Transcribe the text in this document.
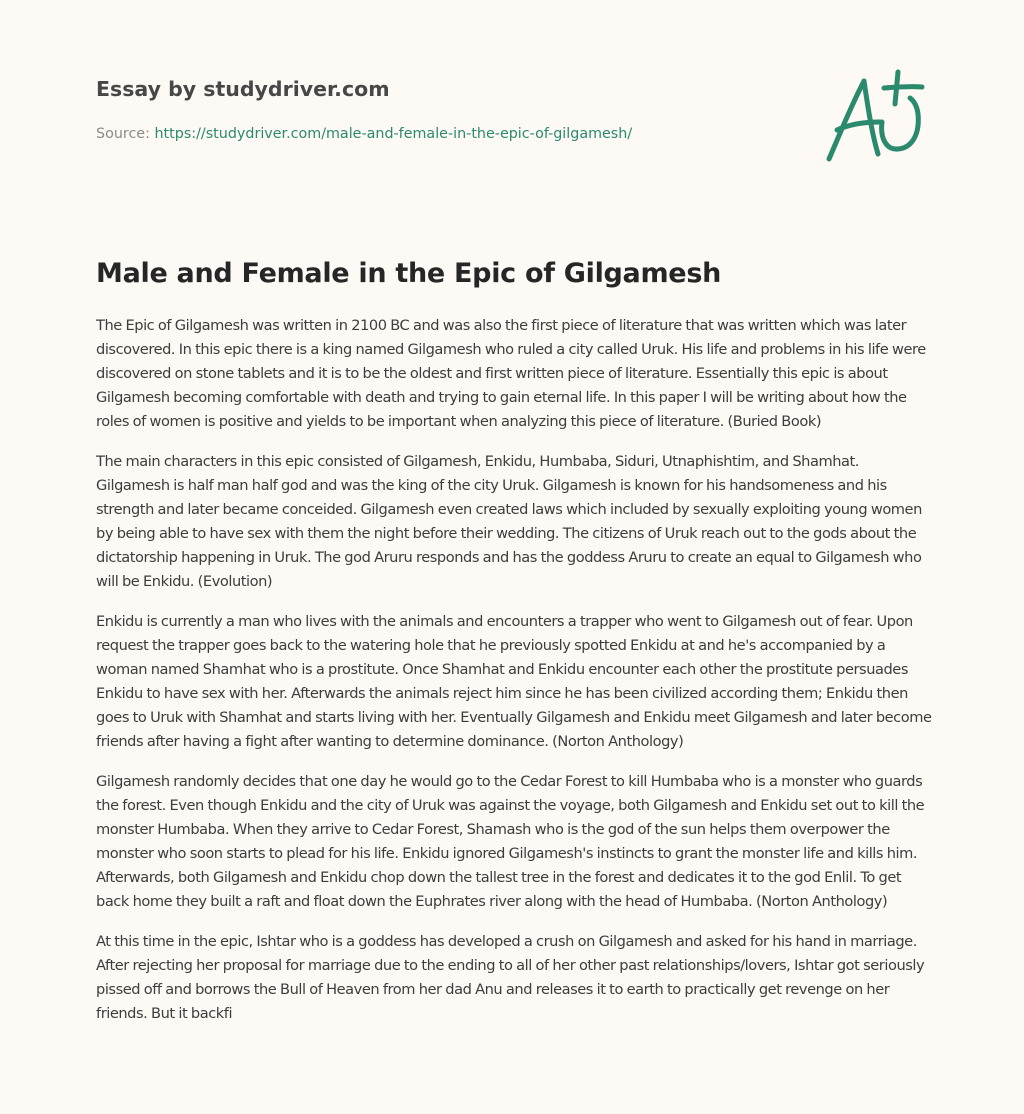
Essay by studydriver.com
Source: https://studydriver.com/male-and-female-in-the-epic-of-gilgamesh/
Male and Female in the Epic of Gilgamesh

The Epic of Gilgamesh was written in 2100 BC and was also the first piece of literature that was written which was later discovered. In this epic there is a king named Gilgamesh who ruled a city called Uruk. His life and problems in his life were discovered on stone tablets and it is to be the oldest and first written piece of literature. Essentially this epic is about Gilgamesh becoming comfortable with death and trying to gain eternal life. In this paper I will be writing about how the roles of women is positive and yields to be important when analyzing this piece of literature. (Buried Book)

The main characters in this epic consisted of Gilgamesh, Enkidu, Humbaba, Siduri, Utnaphishtim, and Shamhat. Gilgamesh is half man half god and was the king of the city Uruk. Gilgamesh is known for his handsomeness and his strength and later became conceided. Gilgamesh even created laws which included by sexually exploiting young women by being able to have sex with them the night before their wedding. The citizens of Uruk reach out to the gods about the dictatorship happening in Uruk. The god Aruru responds and has the goddess Aruru to create an equal to Gilgamesh who will be Enkidu. (Evolution)

Enkidu is currently a man who lives with the animals and encounters a trapper who went to Gilgamesh out of fear. Upon request the trapper goes back to the watering hole that he previously spotted Enkidu at and he's accompanied by a woman named Shamhat who is a prostitute. Once Shamhat and Enkidu encounter each other the prostitute persuades Enkidu to have sex with her. Afterwards the animals reject him since he has been civilized according them; Enkidu then goes to Uruk with Shamhat and starts living with her. Eventually Gilgamesh and Enkidu meet Gilgamesh and later become friends after having a fight after wanting to determine dominance. (Norton Anthology)

Gilgamesh randomly decides that one day he would go to the Cedar Forest to kill Humbaba who is a monster who guards the forest. Even though Enkidu and the city of Uruk was against the voyage, both Gilgamesh and Enkidu set out to kill the monster Humbaba. When they arrive to Cedar Forest, Shamash who is the god of the sun helps them overpower the monster who soon starts to plead for his life. Enkidu ignored Gilgamesh's instincts to grant the monster life and kills him. Afterwards, both Gilgamesh and Enkidu chop down the tallest tree in the forest and dedicates it to the god Enlil. To get back home they built a raft and float down the Euphrates river along with the head of Humbaba. (Norton Anthology)

At this time in the epic, Ishtar who is a goddess has developed a crush on Gilgamesh and asked for his hand in marriage. After rejecting her proposal for marriage due to the ending to all of her other past relationships/lovers, Ishtar got seriously pissed off and borrows the Bull of Heaven from her dad Anu and releases it to earth to practically get revenge on her friends. But it backfi
